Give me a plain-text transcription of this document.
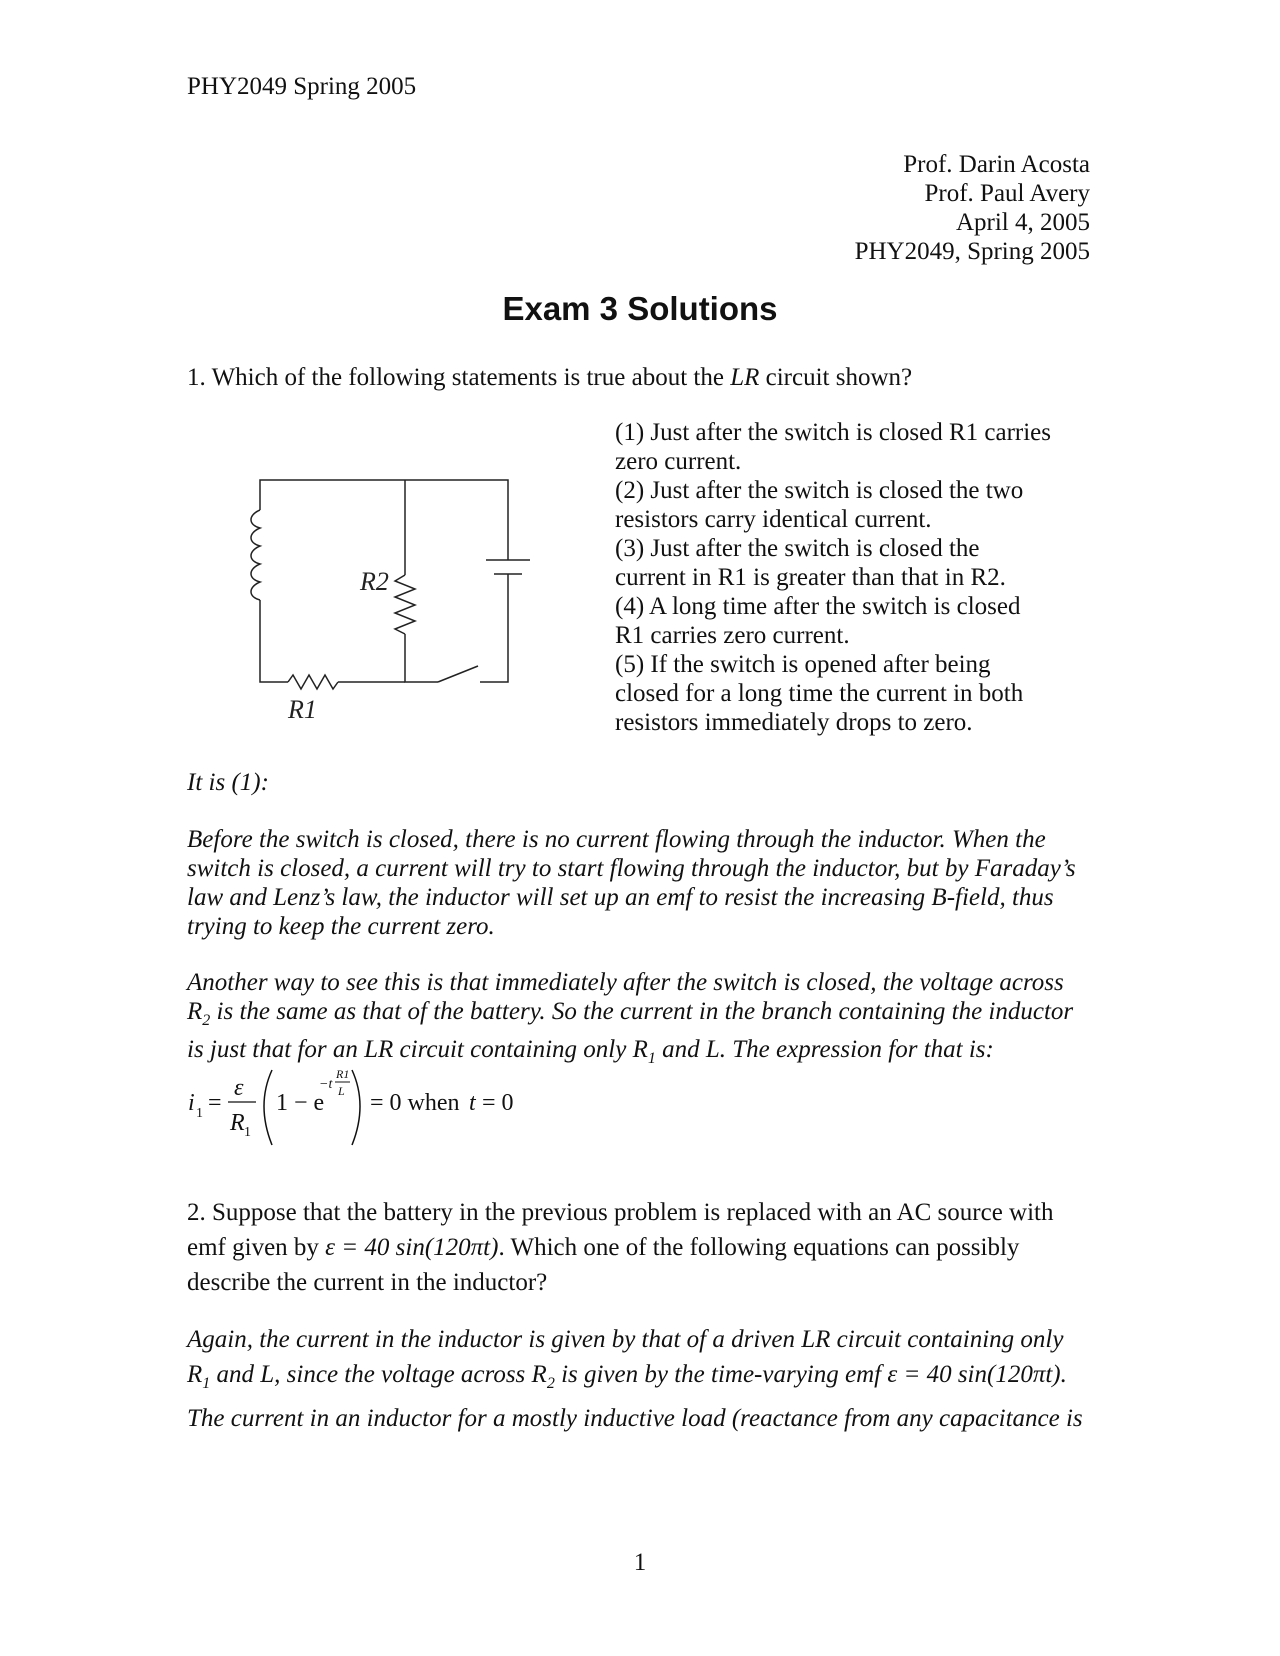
PHY2049 Spring 2005
Prof. Darin Acosta
Prof. Paul Avery
April 4, 2005
PHY2049, Spring 2005
Exam 3 Solutions
1. Which of the following statements is true about the LR circuit shown?
(1) Just after the switch is closed R1 carries
zero current.
(2) Just after the switch is closed the two
resistors carry identical current.
(3) Just after the switch is closed the
current in R1 is greater than that in R2.
(4) A long time after the switch is closed
R1 carries zero current.
(5) If the switch is opened after being
closed for a long time the current in both
resistors immediately drops to zero.
R2
R1
It is (1):
Before the switch is closed, there is no current flowing through the inductor. When the
switch is closed, a current will try to start flowing through the inductor, but by Faraday’s
law and Lenz’s law, the inductor will set up an emf to resist the increasing B-field, thus
trying to keep the current zero.
Another way to see this is that immediately after the switch is closed, the voltage across
$R_2$ is the same as that of the battery. So the current in the branch containing the inductor
is just that for an LR circuit containing only $R_1$ and L. The expression for that is:
i 1 =
ε
R 1
1 − e
−t
R1
L = 0 when t = 0
2. Suppose that the battery in the previous problem is replaced with an AC source with
emf given by ε = 40 sin(120πt). Which one of the following equations can possibly
describe the current in the inductor?
Again, the current in the inductor is given by that of a driven LR circuit containing only
$R_1$ and L, since the voltage across $R_2$ is given by the time-varying emf ε = 40 sin(120πt).
The current in an inductor for a mostly inductive load (reactance from any capacitance is
1
